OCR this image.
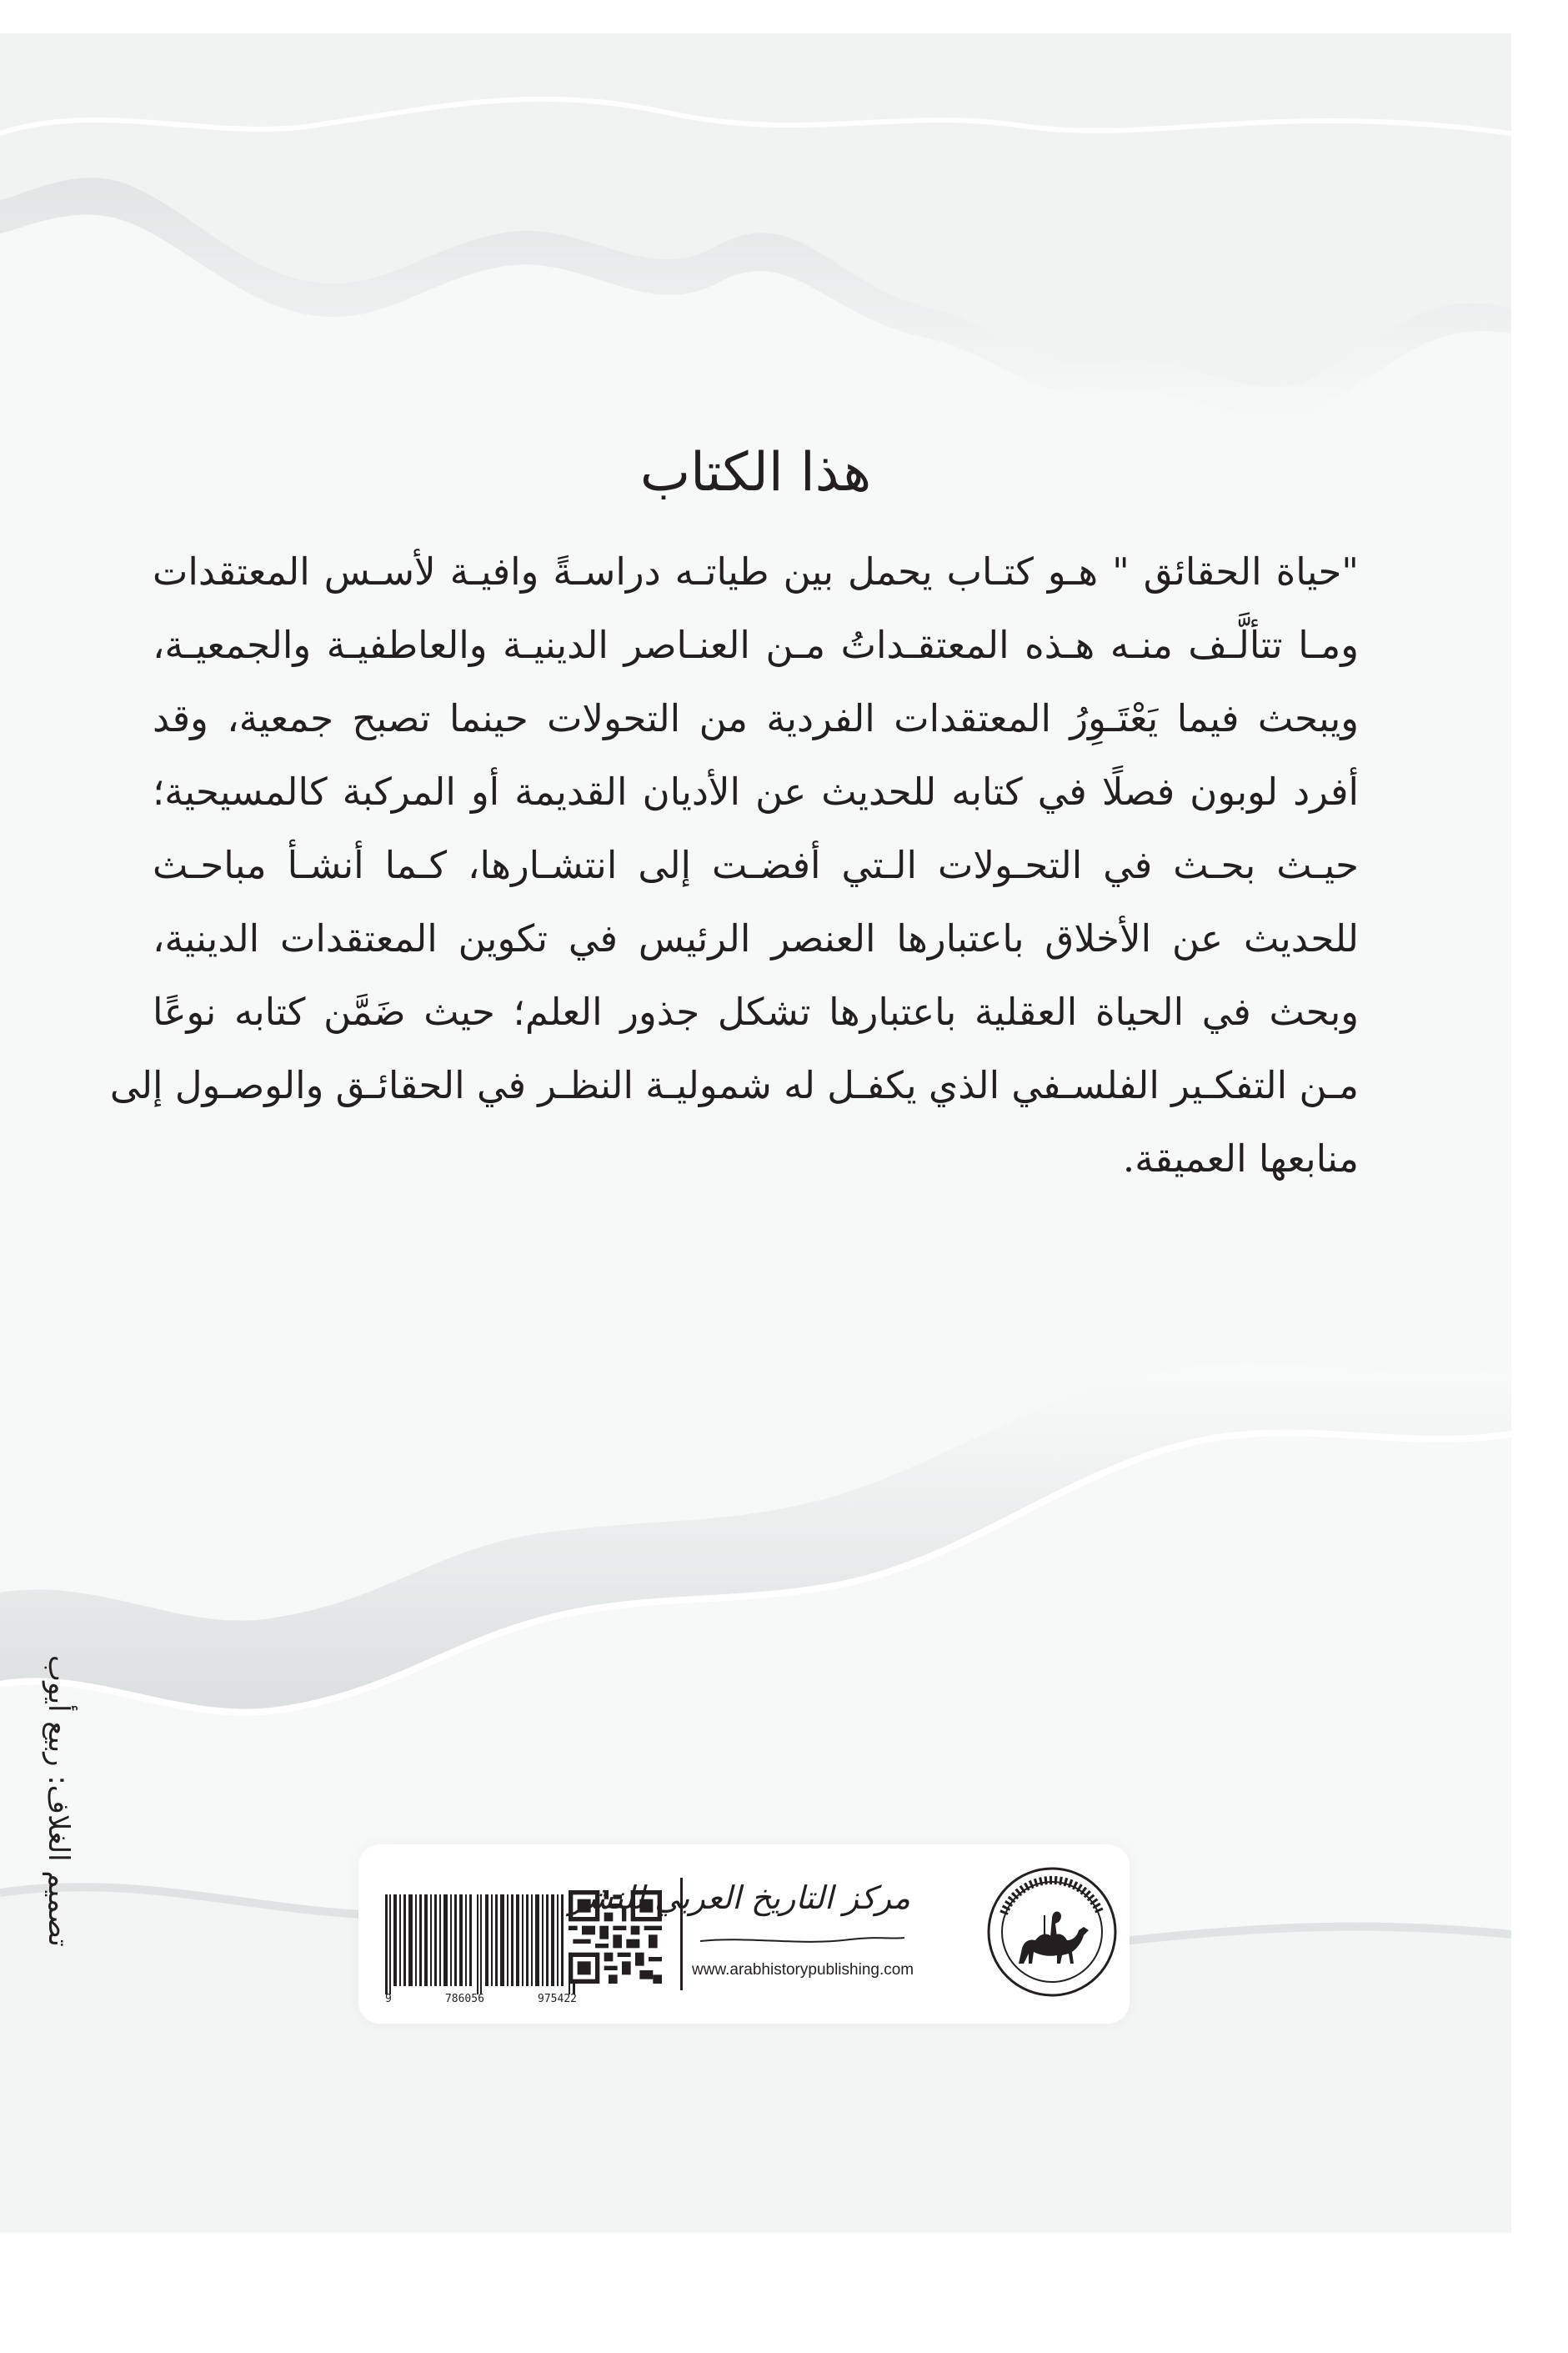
هذا الكتاب
"حياة الحقائق " هـو كتـاب يحمل بين طياتـه دراسـةً وافيـة لأسـس المعتقدات
ومـا تتألَّـف منـه هـذه المعتقـداتُ مـن العنـاصر الدينيـة والعاطفيـة والجمعيـة،
ويبحث فيما يَعْتَـوِرُ المعتقدات الفردية من التحولات حينما تصبح جمعية، وقد
أفرد لوبون فصلًا في كتابه للحديث عن الأديان القديمة أو المركبة كالمسيحية؛
حيـث بحـث في التحـولات الـتي أفضـت إلى انتشـارها، كـما أنشـأ مباحـث
للحديث عن الأخلاق باعتبارها العنصر الرئيس في تكوين المعتقدات الدينية،
وبحث في الحياة العقلية باعتبارها تشكل جذور العلم؛ حيث ضَمَّن كتابه نوعًا
مـن التفكـير الفلسـفي الذي يكفـل له شموليـة النظـر في الحقائـق والوصـول إلى
منابعها العميقة.
تصميم الغلاف: ربيع أيوب
9	786056	975422
مركز التاريخ العربي للنشر
www.arabhistorypublishing.com
